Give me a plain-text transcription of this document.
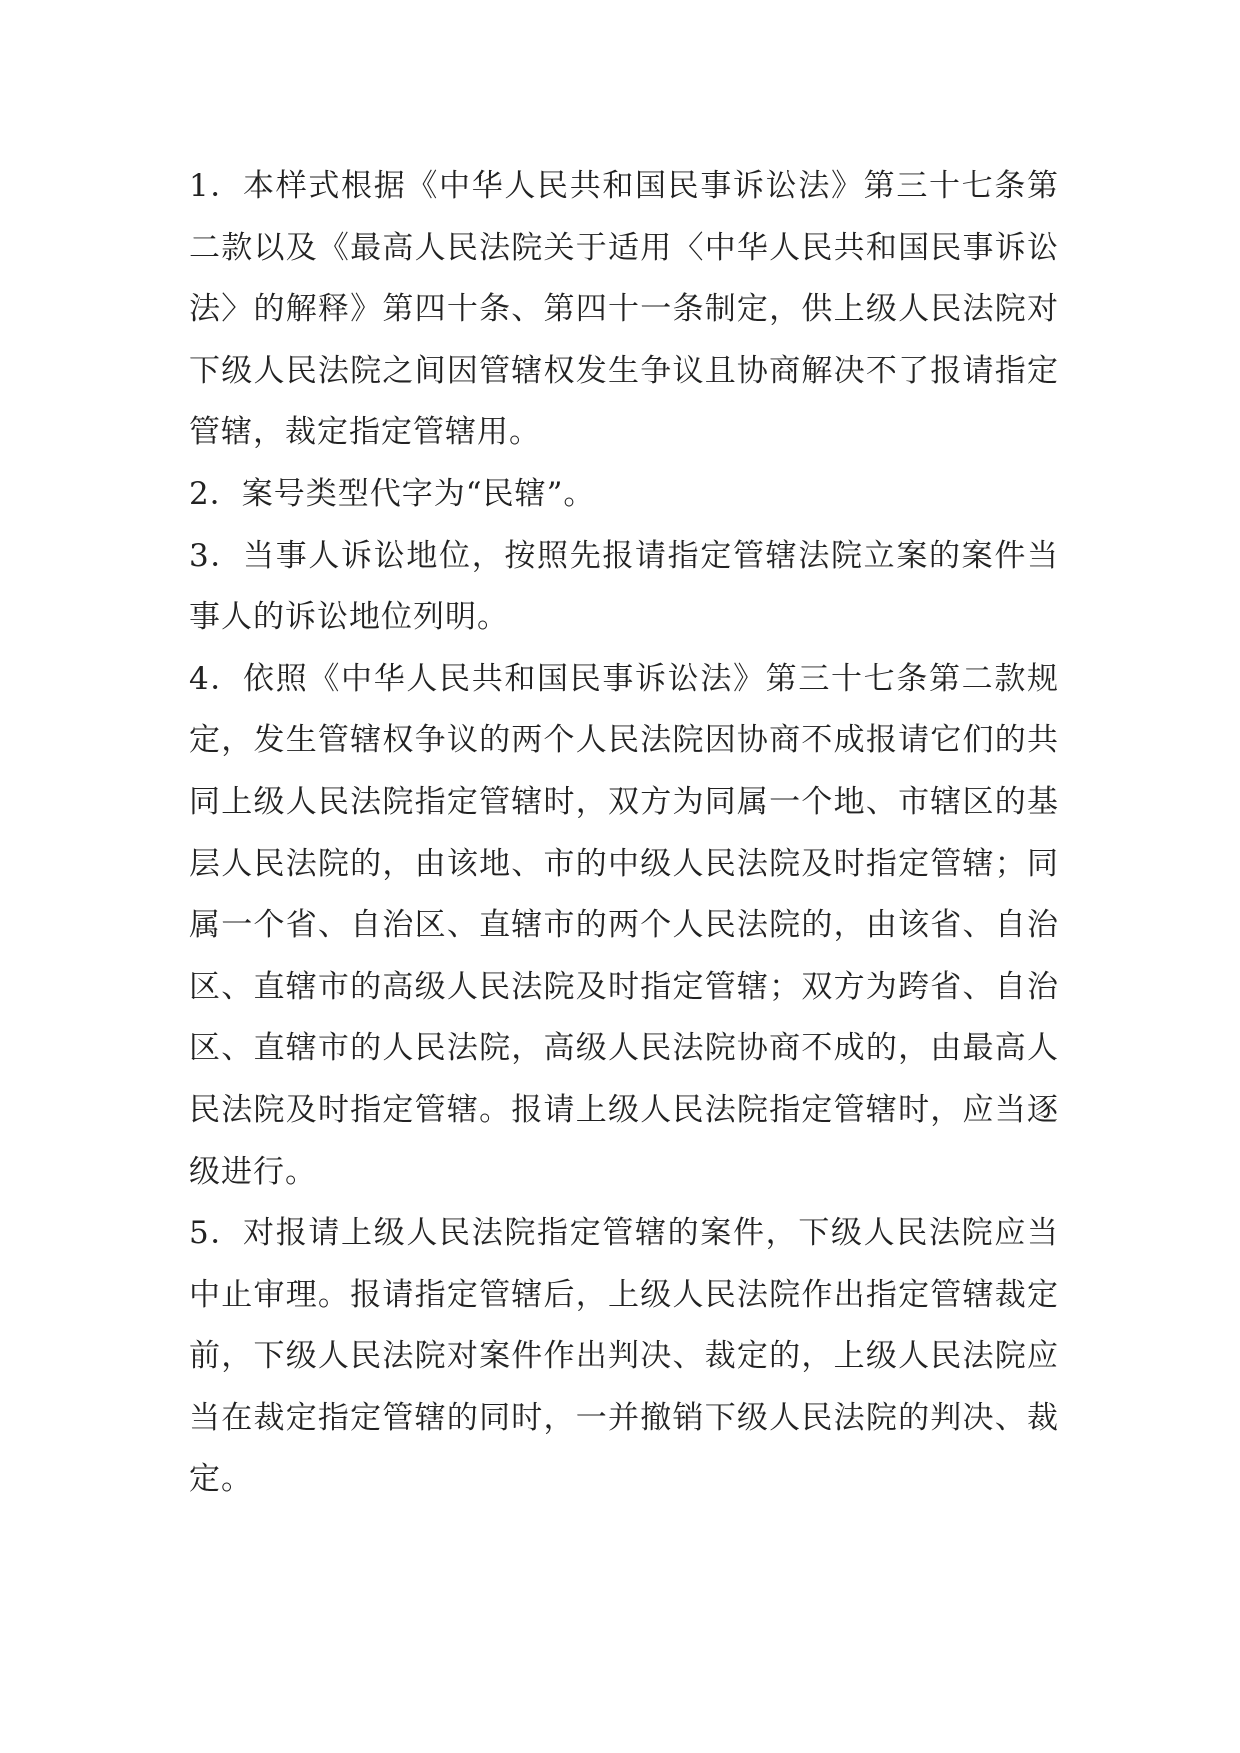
1．本样式根据《中华人民共和国民事诉讼法》第三十七条第二款以及《最高人民法院关于适用〈中华人民共和国民事诉讼法〉的解释》第四十条、第四十一条制定，供上级人民法院对下级人民法院之间因管辖权发生争议且协商解决不了报请指定管辖，裁定指定管辖用。

2．案号类型代字为“民辖”。

3．当事人诉讼地位，按照先报请指定管辖法院立案的案件当事人的诉讼地位列明。

4．依照《中华人民共和国民事诉讼法》第三十七条第二款规定，发生管辖权争议的两个人民法院因协商不成报请它们的共同上级人民法院指定管辖时，双方为同属一个地、市辖区的基层人民法院的，由该地、市的中级人民法院及时指定管辖；同属一个省、自治区、直辖市的两个人民法院的，由该省、自治区、直辖市的高级人民法院及时指定管辖；双方为跨省、自治区、直辖市的人民法院，高级人民法院协商不成的，由最高人民法院及时指定管辖。报请上级人民法院指定管辖时，应当逐级进行。

5．对报请上级人民法院指定管辖的案件，下级人民法院应当中止审理。报请指定管辖后，上级人民法院作出指定管辖裁定前，下级人民法院对案件作出判决、裁定的，上级人民法院应当在裁定指定管辖的同时，一并撤销下级人民法院的判决、裁定。
